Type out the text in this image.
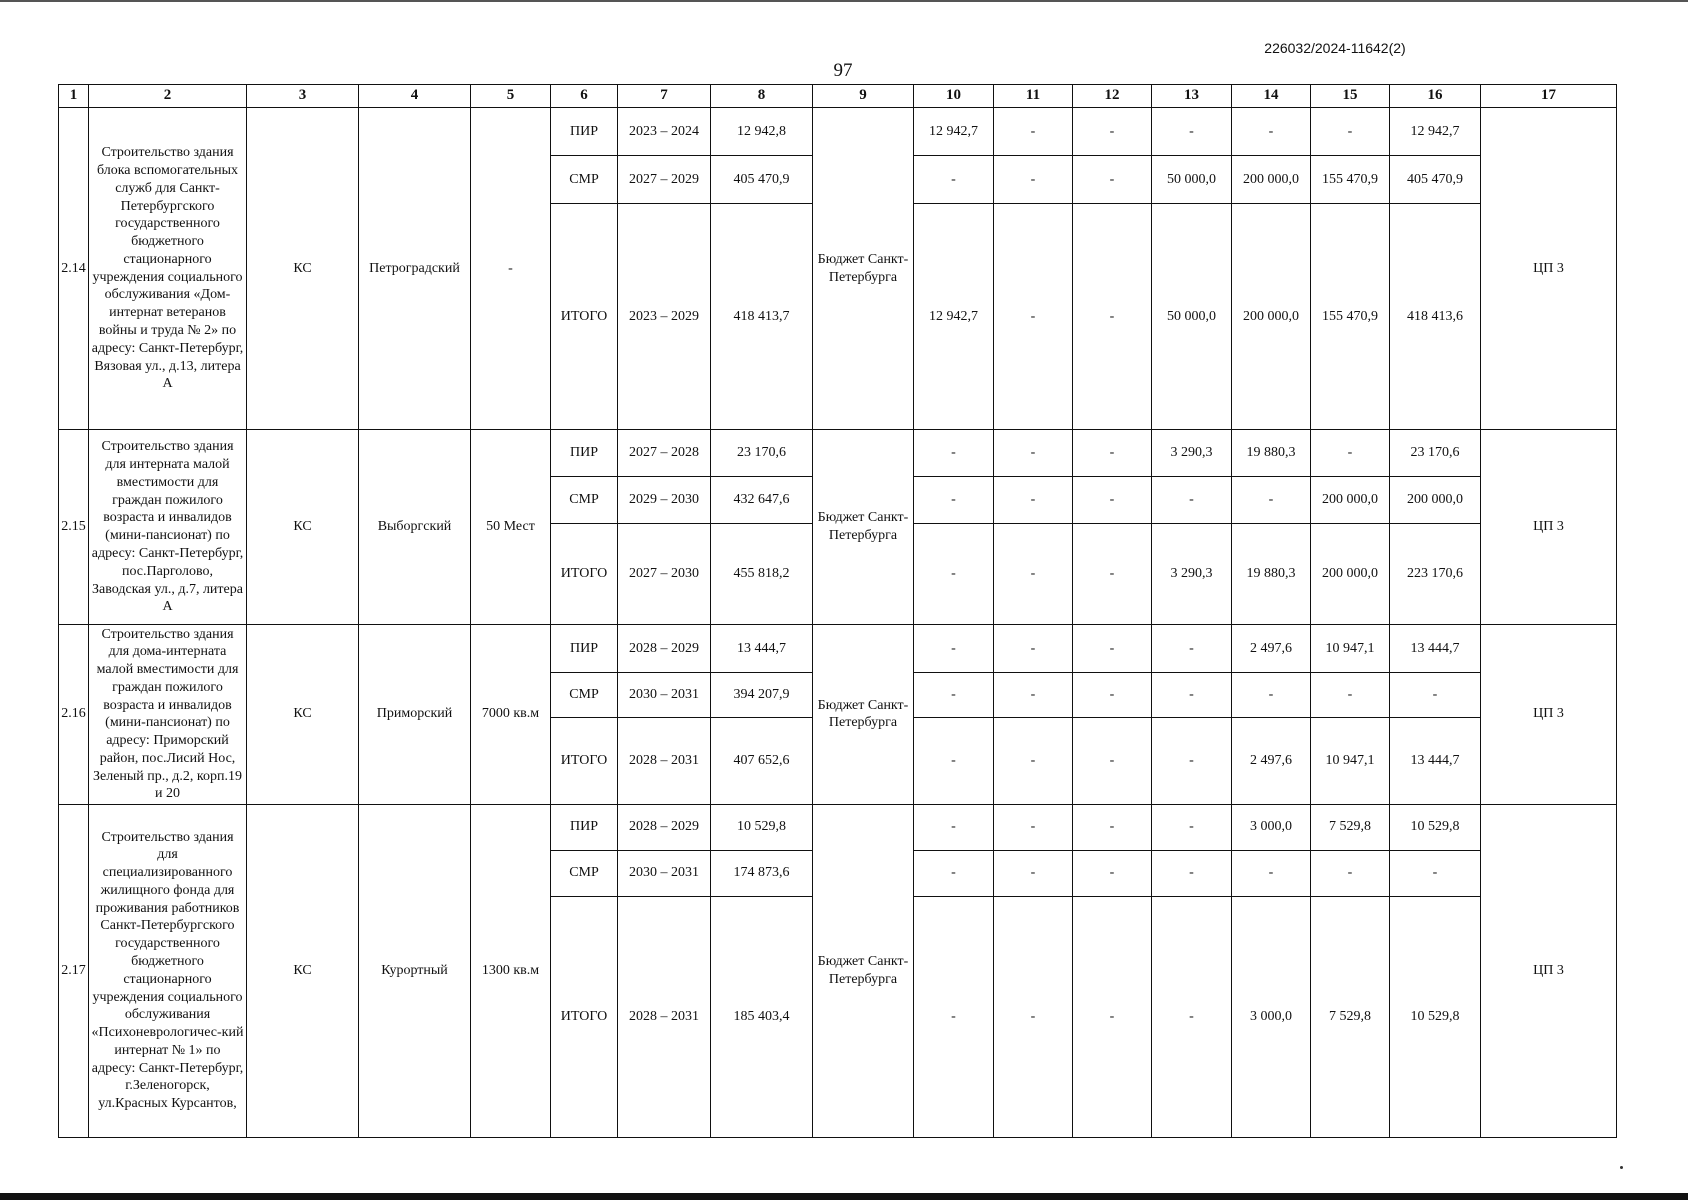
226032/2024-11642(2)
97
1	2	3	4	5	6	7	8	9	10	11	12	13	14	15	16	17
2.14	Строительство здания блока вспомогательных служб для Санкт-Петербургского государственного бюджетного стационарного учреждения социального обслуживания «Дом-интернат ветеранов войны и труда № 2» по адресу: Санкт-Петербург, Вязовая ул., д.13, литера А	КС	Петроградский	-	ПИР	2023 – 2024	12 942,8	Бюджет Санкт-Петербурга	12 942,7	-	-	-	-	-	12 942,7	ЦП 3
					СМР	2027 – 2029	405 470,9		-	-	-	50 000,0	200 000,0	155 470,9	405 470,9	
					ИТОГО	2023 – 2029	418 413,7		12 942,7	-	-	50 000,0	200 000,0	155 470,9	418 413,6	
2.15	Строительство здания для интерната малой вместимости для граждан пожилого возраста и инвалидов (мини-пансионат) по адресу: Санкт-Петербург, пос.Парголово, Заводская ул., д.7, литера А	КС	Выборгский	50 Мест	ПИР	2027 – 2028	23 170,6	Бюджет Санкт-Петербурга	-	-	-	3 290,3	19 880,3	-	23 170,6	ЦП 3
					СМР	2029 – 2030	432 647,6		-	-	-	-	-	200 000,0	200 000,0	
					ИТОГО	2027 – 2030	455 818,2		-	-	-	3 290,3	19 880,3	200 000,0	223 170,6	
2.16	Строительство здания для дома-интерната малой вместимости для граждан пожилого возраста и инвалидов (мини-пансионат) по адресу: Приморский район, пос.Лисий Нос, Зеленый пр., д.2, корп.19 и 20	КС	Приморский	7000 кв.м	ПИР	2028 – 2029	13 444,7	Бюджет Санкт-Петербурга	-	-	-	-	2 497,6	10 947,1	13 444,7	ЦП 3
					СМР	2030 – 2031	394 207,9		-	-	-	-	-	-	-	
					ИТОГО	2028 – 2031	407 652,6		-	-	-	-	2 497,6	10 947,1	13 444,7	
2.17	Строительство здания для специализированного жилищного фонда для проживания работников Санкт-Петербургского государственного бюджетного стационарного учреждения социального обслуживания «Психоневрологичес-кий интернат № 1» по адресу: Санкт-Петербург, г.Зеленогорск, ул.Красных Курсантов,	КС	Курортный	1300 кв.м	ПИР	2028 – 2029	10 529,8	Бюджет Санкт-Петербурга	-	-	-	-	3 000,0	7 529,8	10 529,8	ЦП 3
					СМР	2030 – 2031	174 873,6		-	-	-	-	-	-	-	
					ИТОГО	2028 – 2031	185 403,4		-	-	-	-	3 000,0	7 529,8	10 529,8	
